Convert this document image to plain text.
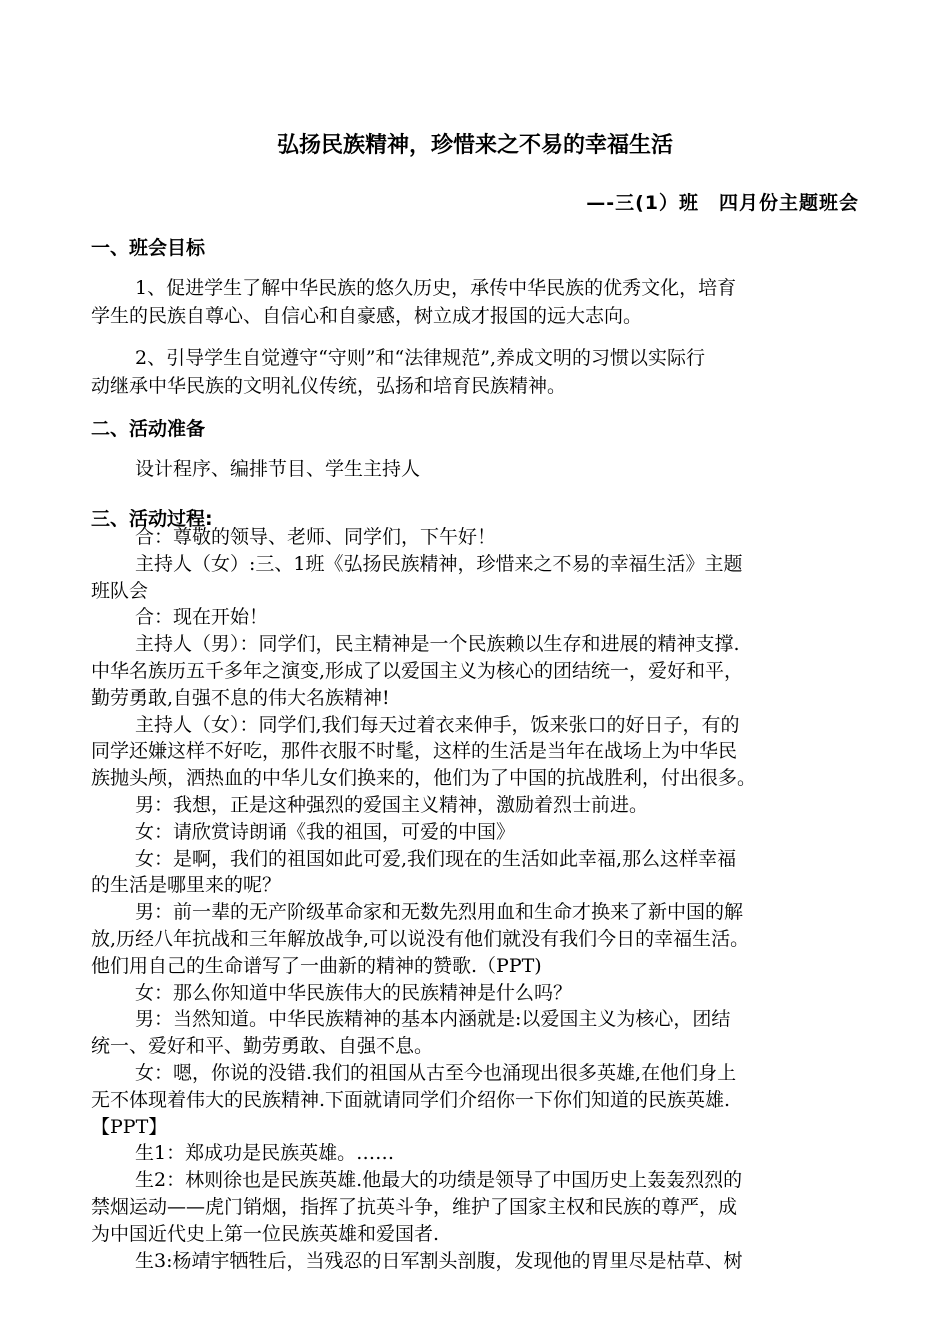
弘扬民族精神，珍惜来之不易的幸福生活
—-三(1）班　四月份主题班会
一、班会目标
1、促进学生了解中华民族的悠久历史，承传中华民族的优秀文化，培育
学生的民族自尊心、自信心和自豪感，树立成才报国的远大志向。
2、引导学生自觉遵守“守则”和“法律规范”,养成文明的习惯以实际行
动继承中华民族的文明礼仪传统，弘扬和培育民族精神。
二、活动准备
设计程序、编排节目、学生主持人
三、活动过程:
合：尊敬的领导、老师、同学们，下午好！
主持人（女）:三、1班《弘扬民族精神，珍惜来之不易的幸福生活》主题
班队会
合：现在开始！
主持人（男）：同学们，民主精神是一个民族赖以生存和进展的精神支撑.
中华名族历五千多年之演变,形成了以爱国主义为核心的团结统一，爱好和平，
勤劳勇敢,自强不息的伟大名族精神!
主持人（女）：同学们,我们每天过着衣来伸手，饭来张口的好日子，有的
同学还嫌这样不好吃，那件衣服不时髦，这样的生活是当年在战场上为中华民
族抛头颅，洒热血的中华儿女们换来的，他们为了中国的抗战胜利，付出很多。
男：我想，正是这种强烈的爱国主义精神，激励着烈士前进。
女：请欣赏诗朗诵《我的祖国，可爱的中国》
女：是啊，我们的祖国如此可爱,我们现在的生活如此幸福,那么这样幸福
的生活是哪里来的呢？
男：前一辈的无产阶级革命家和无数先烈用血和生命才换来了新中国的解
放,历经八年抗战和三年解放战争,可以说没有他们就没有我们今日的幸福生活。
他们用自己的生命谱写了一曲新的精神的赞歌.（PPT)
女：那么你知道中华民族伟大的民族精神是什么吗？
男：当然知道。中华民族精神的基本内涵就是:以爱国主义为核心，团结
统一、爱好和平、勤劳勇敢、自强不息。
女：嗯，你说的没错.我们的祖国从古至今也涌现出很多英雄,在他们身上
无不体现着伟大的民族精神.下面就请同学们介绍你一下你们知道的民族英雄.
【PPT】
生1：郑成功是民族英雄。……
生2：林则徐也是民族英雄.他最大的功绩是领导了中国历史上轰轰烈烈的
禁烟运动——虎门销烟，指挥了抗英斗争，维护了国家主权和民族的尊严，成
为中国近代史上第一位民族英雄和爱国者.
生3:杨靖宇牺牲后，当残忍的日军割头剖腹，发现他的胃里尽是枯草、树
